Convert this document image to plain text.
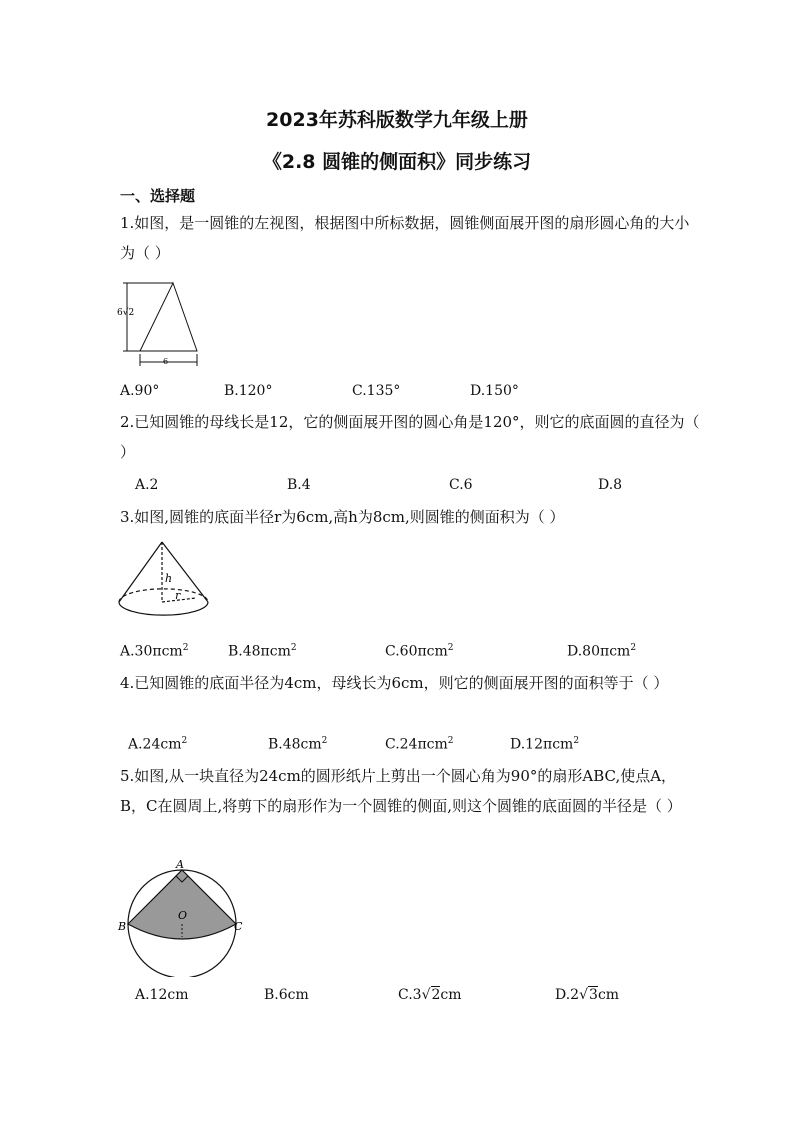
2023年苏科版数学九年级上册
《2.8 圆锥的侧面积》同步练习
一、选择题
1.如图，是一圆锥的左视图，根据图中所标数据，圆锥侧面展开图的扇形圆心角的大小为（ ）
6√2
6
A.90°	B.120°	C.135°	D.150°
2.已知圆锥的母线长是12，它的侧面展开图的圆心角是120°，则它的底面圆的直径为（ ）
A.2	B.4	C.6	D.8
3.如图,圆锥的底面半径r为6cm,高h为8cm,则圆锥的侧面积为（ ）
h
r
A.30πcm$^2$	B.48πcm$^2$	C.60πcm$^2$	D.80πcm$^2$
4.已知圆锥的底面半径为4cm，母线长为6cm，则它的侧面展开图的面积等于（ ）
$A.24cm^2$	$B.48cm^2$	C.24πcm$^2$	D.12πcm$^2$
5.如图,从一块直径为24cm的圆形纸片上剪出一个圆心角为90°的扇形ABC,使点A，B，C在圆周上,将剪下的扇形作为一个圆锥的侧面,则这个圆锥的底面圆的半径是（ ）
A
B	C
O
A.12cm	B.6cm	C.3√2cm	D.2√3cm
